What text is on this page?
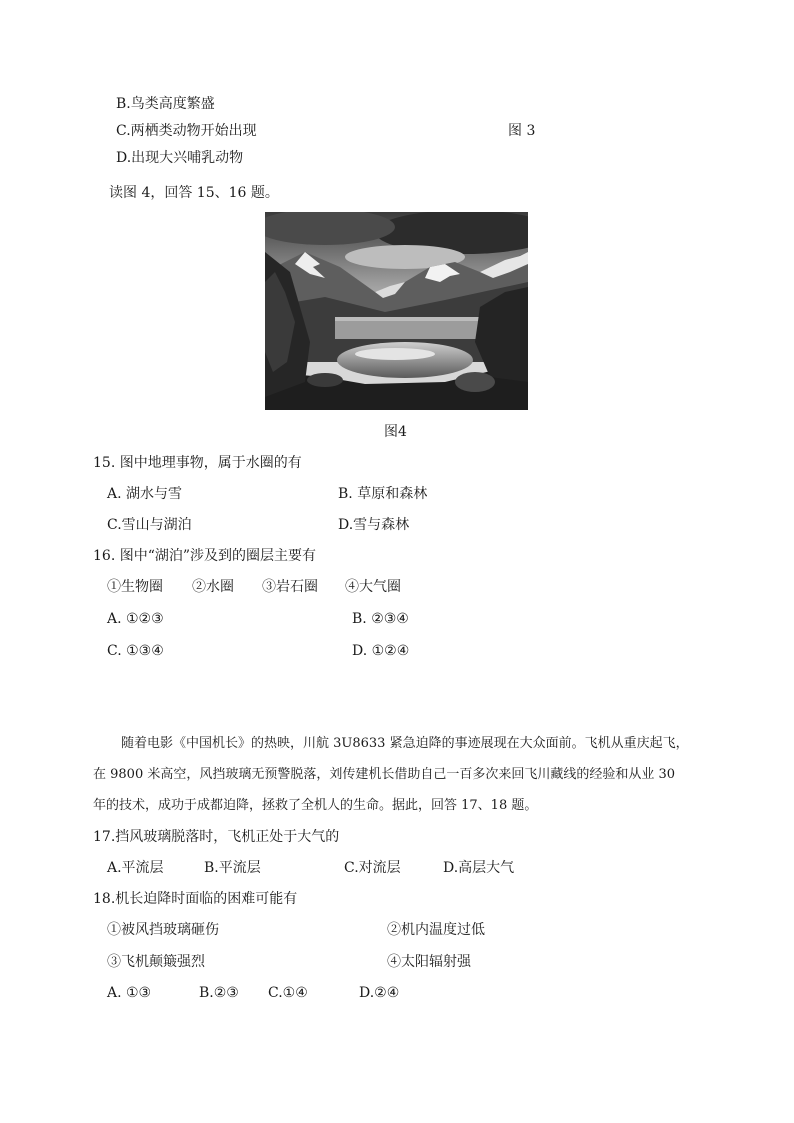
B.鸟类高度繁盛
C.两栖类动物开始出现	图 3
D.出现大兴哺乳动物
读图 4，回答 15、16 题。
图4
15. 图中地理事物，属于水圈的有
A. 湖水与雪	B. 草原和森林
C.雪山与湖泊	D.雪与森林
16. 图中“湖泊”涉及到的圈层主要有
①生物圈 ②水圈 ③岩石圈 ④大气圈
A. ①②③	B. ②③④
C. ①③④	D. ①②④
随着电影《中国机长》的热映，川航 3U8633 紧急迫降的事迹展现在大众面前。飞机从重庆起飞，
在 9800 米高空，风挡玻璃无预警脱落，刘传建机长借助自己一百多次来回飞川藏线的经验和从业 30
年的技术，成功于成都迫降，拯救了全机人的生命。据此，回答 17、18 题。
17.挡风玻璃脱落时，飞机正处于大气的
A.平流层	B.平流层	C.对流层	D.高层大气
18.机长迫降时面临的困难可能有
①被风挡玻璃砸伤	②机内温度过低
③飞机颠簸强烈	④太阳辐射强
A. ①③	B.②③ C.①④	D.②④
